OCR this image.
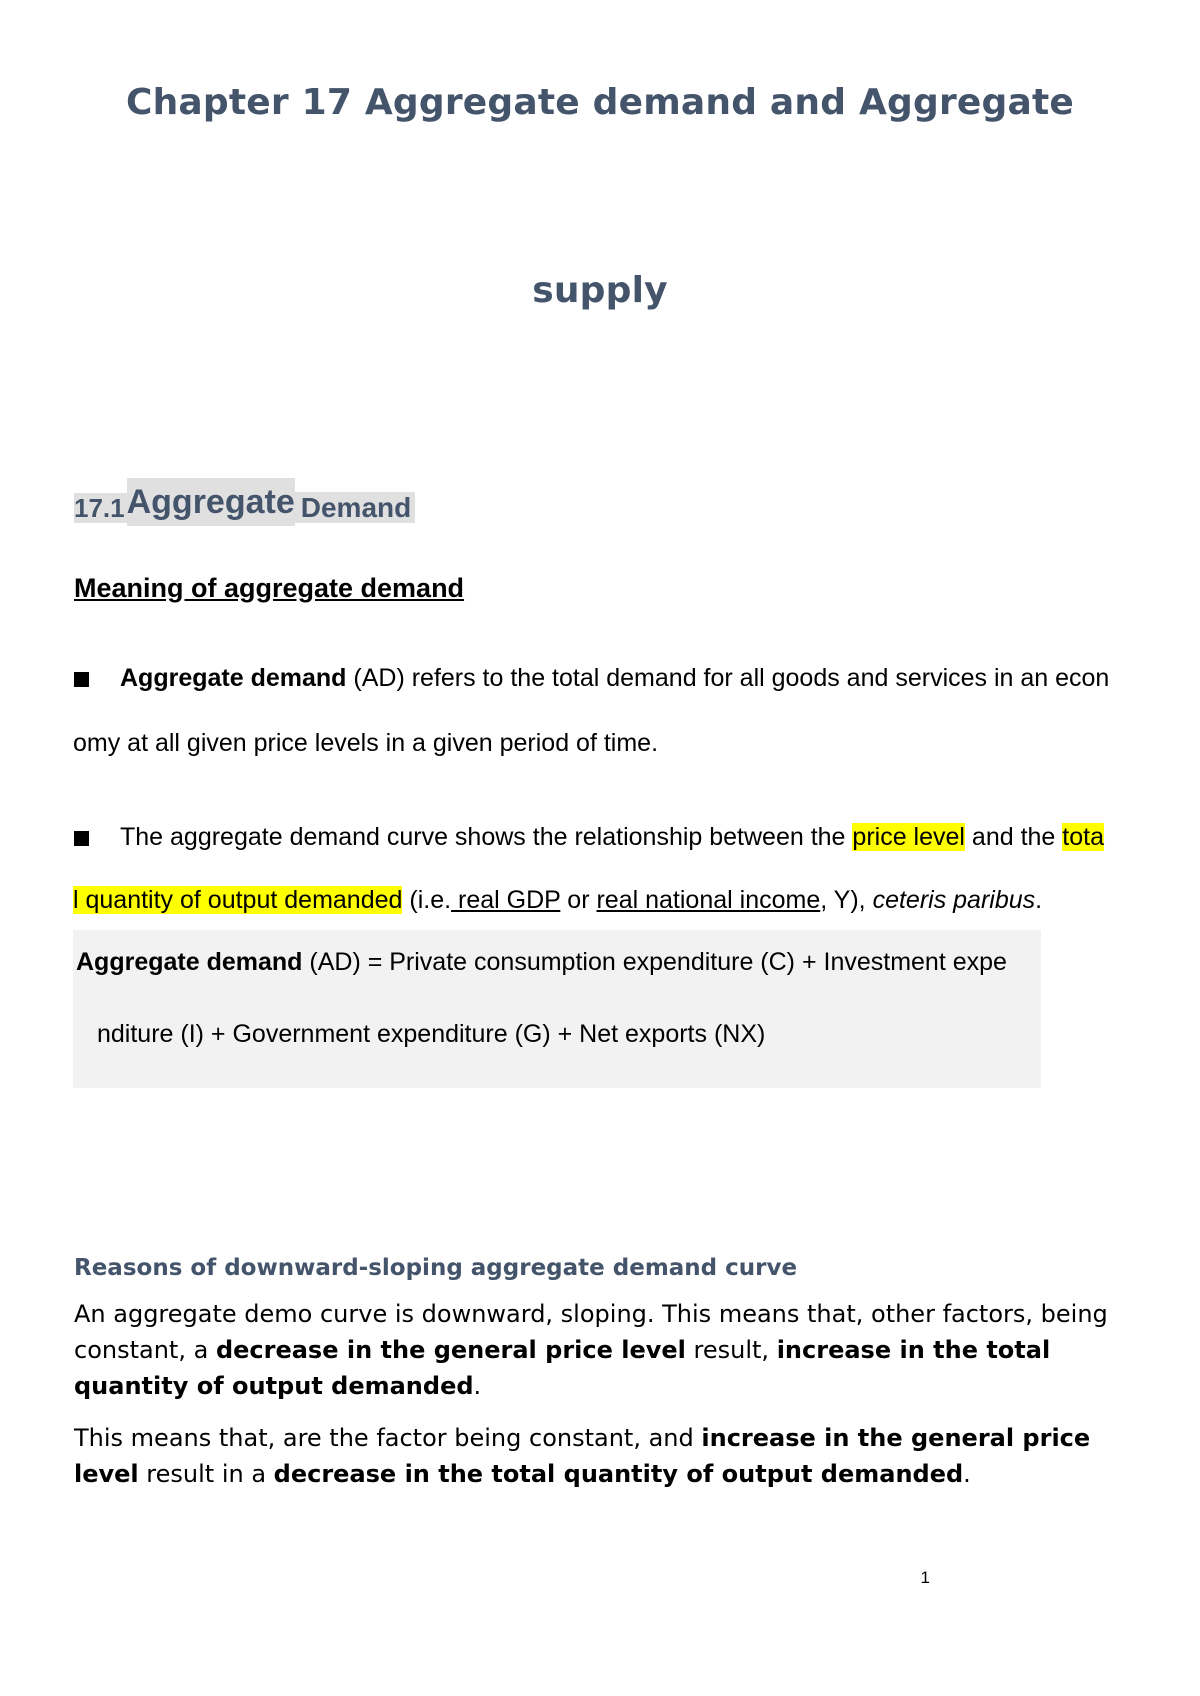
Chapter 17 Aggregate demand and Aggregate
supply
17.1Aggregate Demand
Meaning of aggregate demand
Aggregate demand (AD) refers to the total demand for all goods and services in an econ
omy at all given price levels in a given period of time.
The aggregate demand curve shows the relationship between the price level and the tota
l quantity of output demanded (i.e. real GDP or real national income, Y), ceteris paribus.
Aggregate demand (AD) = Private consumption expenditure (C) + Investment expe
nditure (I) + Government expenditure (G) + Net exports (NX)
Reasons of downward-sloping aggregate demand curve
An aggregate demo curve is downward, sloping. This means that, other factors, being constant, a decrease in the general price level result, increase in the total quantity of output demanded.
This means that, are the factor being constant, and increase in the general price level result in a decrease in the total quantity of output demanded.
1
